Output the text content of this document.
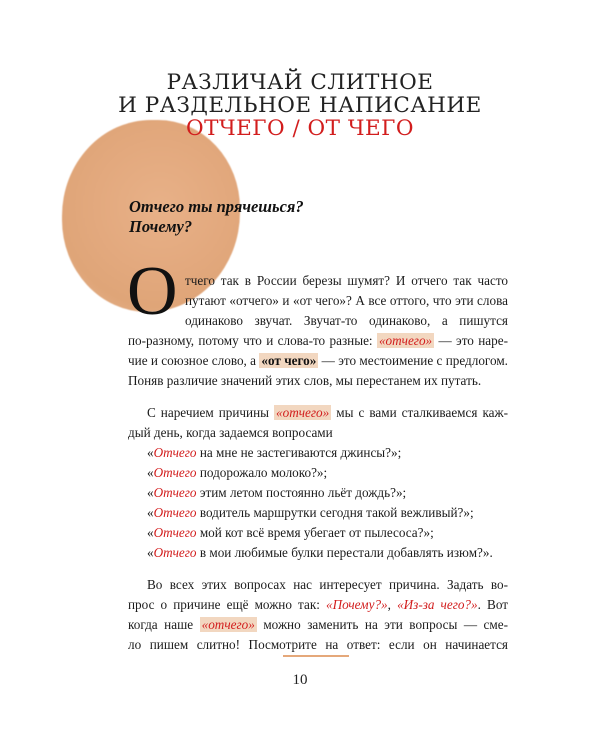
РАЗЛИЧАЙ СЛИТНОЕ
И РАЗДЕЛЬНОЕ НАПИСАНИЕ
ОТЧЕГО / ОТ ЧЕГО
Отчего ты прячешься?
Почему?
О тчего так в России березы шумят? И отчего так часто
путают «отчего» и «от чего»? А все оттого, что эти слова
одинаково звучат. Звучат-то одинаково, а пишутся
по-разному, потому что и слова-то разные: «отчего» — это наре-
чие и союзное слово, а «от чего» — это местоимение с предлогом.
Поняв различие значений этих слов, мы перестанем их путать.
С наречием причины «отчего» мы с вами сталкиваемся каж-
дый день, когда задаемся вопросами
«Отчего на мне не застегиваются джинсы?»;
«Отчего подорожало молоко?»;
«Отчего этим летом постоянно льёт дождь?»;
«Отчего водитель маршрутки сегодня такой вежливый?»;
«Отчего мой кот всё время убегает от пылесоса?»;
«Отчего в мои любимые булки перестали добавлять изюм?».
Во всех этих вопросах нас интересует причина. Задать во-
прос о причине ещё можно так: «Почему?», «Из-за чего?». Вот
когда наше «отчего» можно заменить на эти вопросы — сме-
ло пишем слитно! Посмотрите на ответ: если он начинается
10
